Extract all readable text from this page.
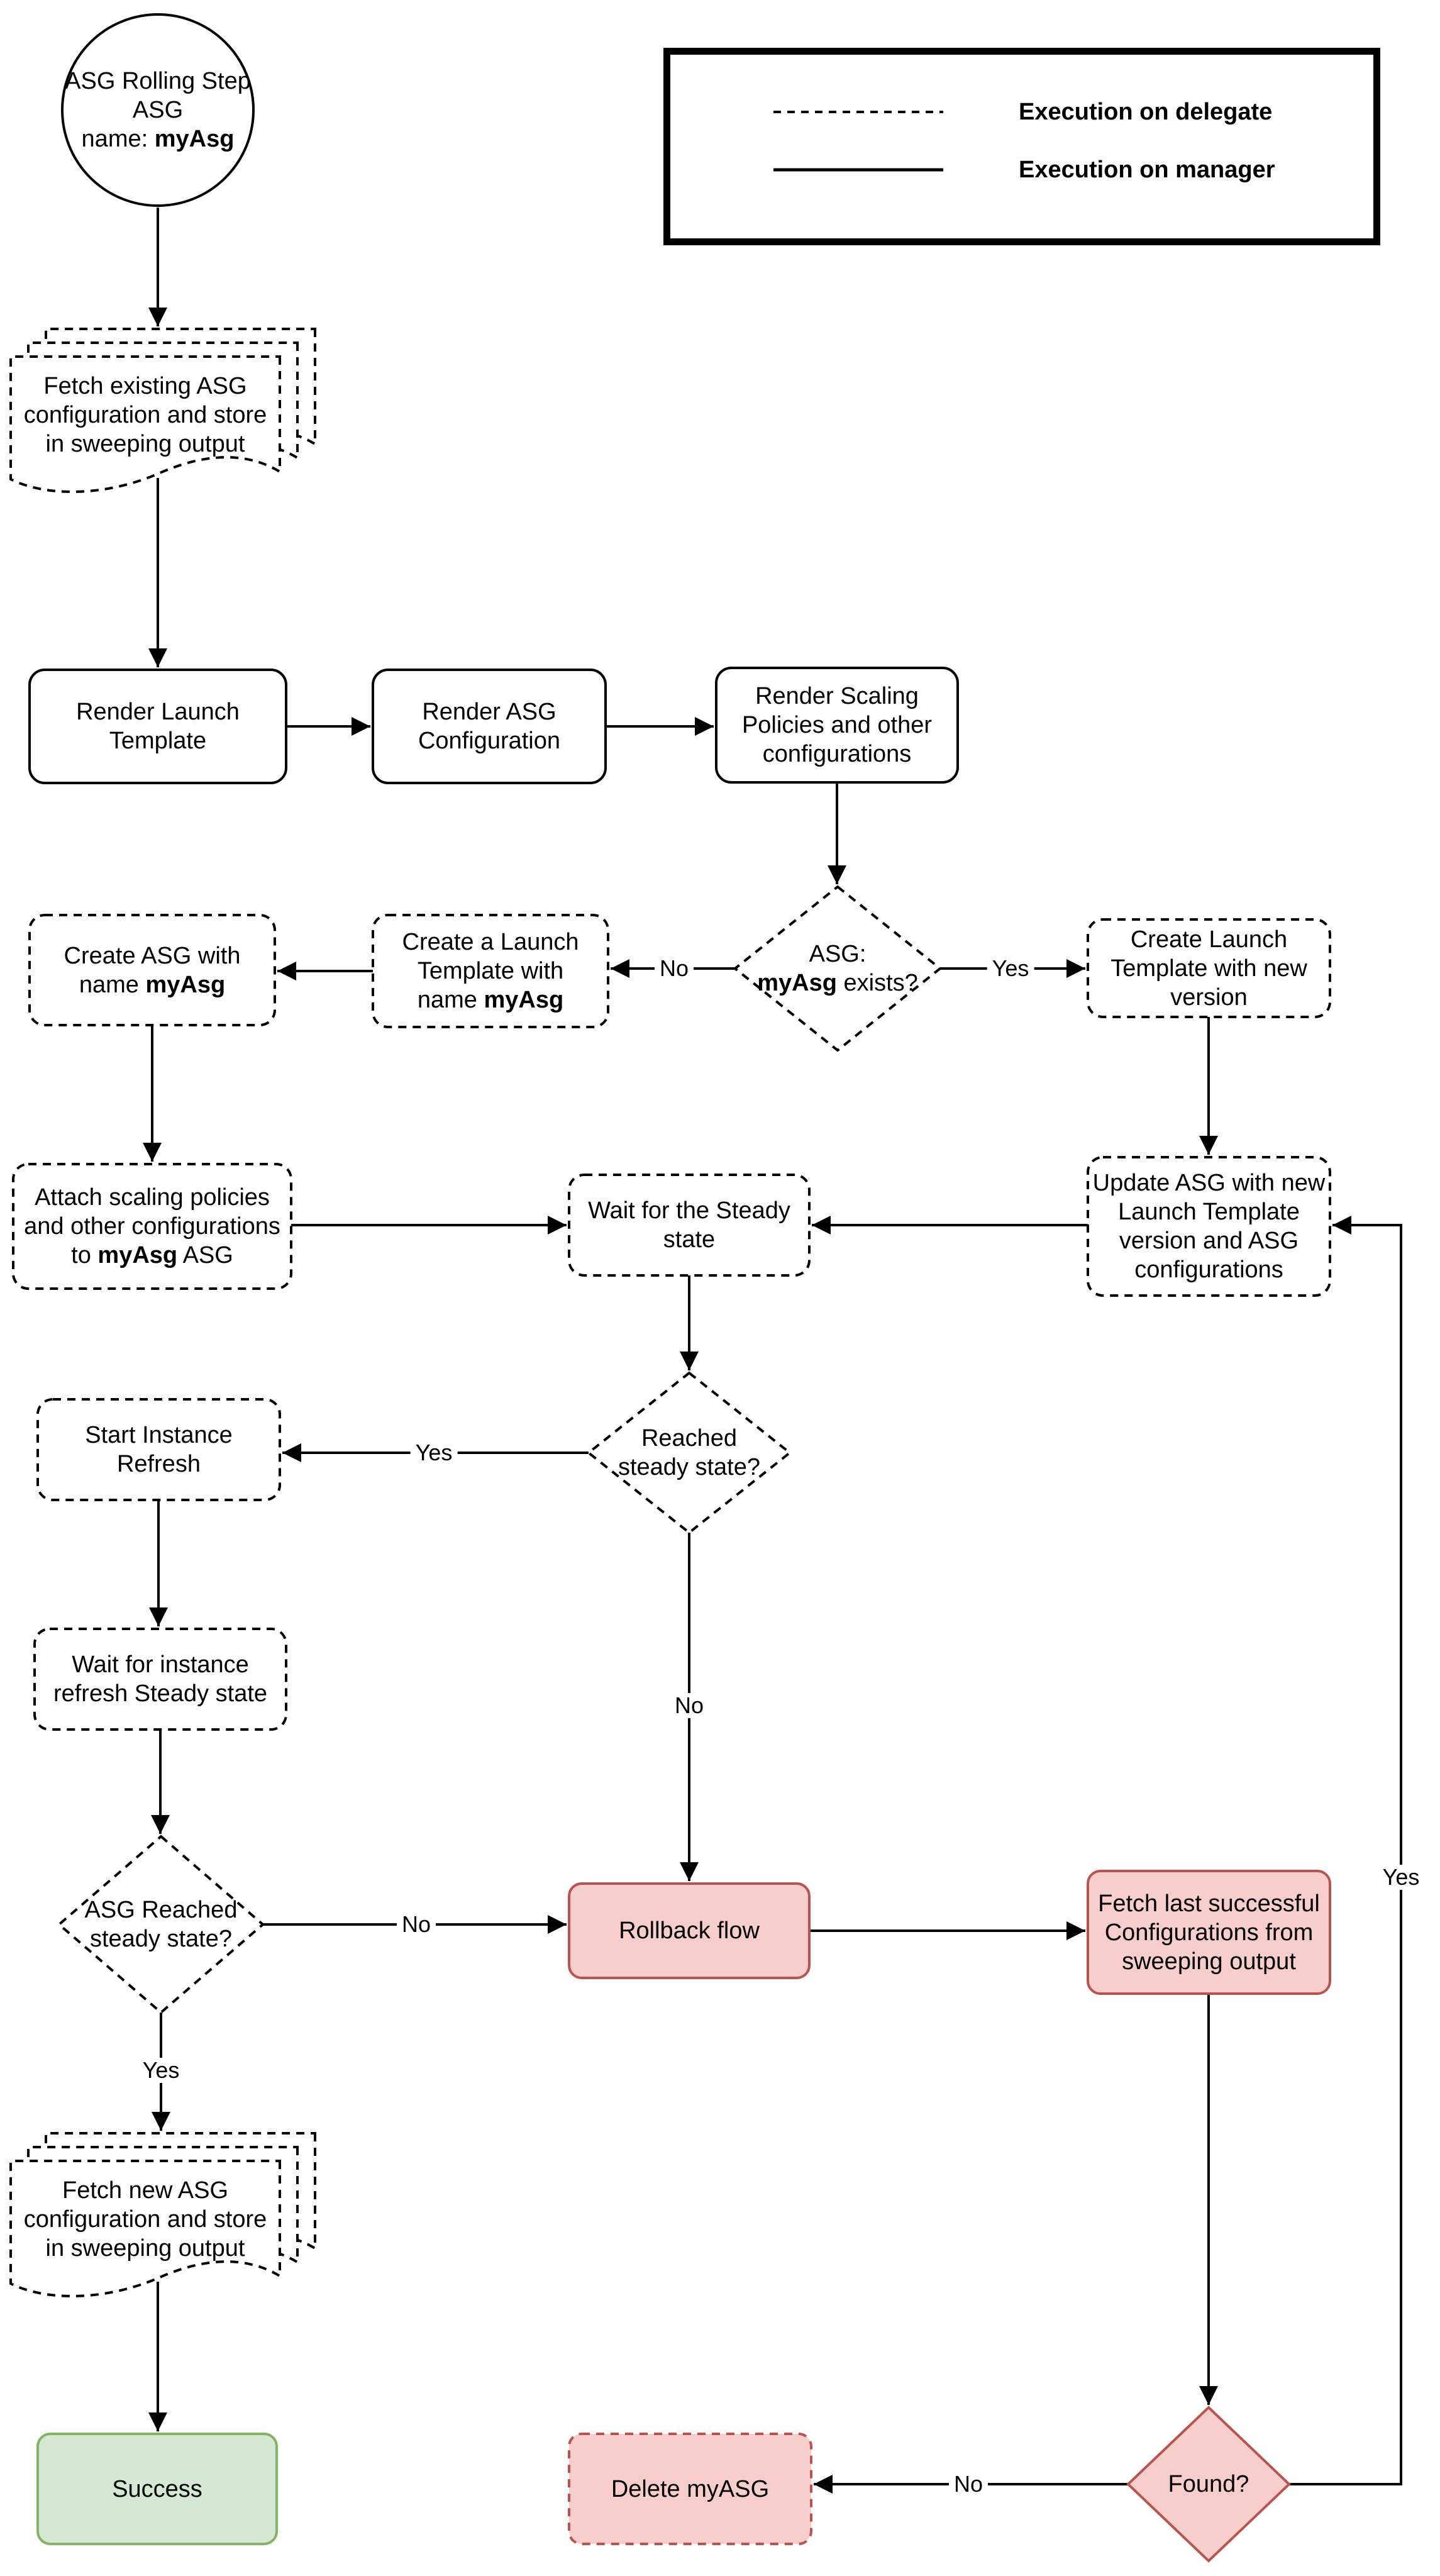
Execution on delegate
Execution on manager
ASG Rolling Step
ASG
name: myAsg
Fetch existing ASG
configuration and store
in sweeping output
Render Launch
Template
Render ASG
Configuration
Render Scaling
Policies and other
configurations
ASG:
myAsg exists?
Create a Launch
Template with
name myAsg
Create ASG with
name myAsg
Create Launch
Template with new
version
Attach scaling policies
and other configurations
to myAsg ASG
Wait for the Steady
state
Update ASG with new
Launch Template
version and ASG
configurations
Reached
steady state?
Start Instance
Refresh
Wait for instance
refresh Steady state
ASG Reached
steady state?	Rollback flow
Fetch last successful
Configurations from
sweeping output
Fetch new ASG
configuration and store
in sweeping output
Success	Delete myASG	Found?
No	Yes
Yes
No
No
Yes
No
Yes
